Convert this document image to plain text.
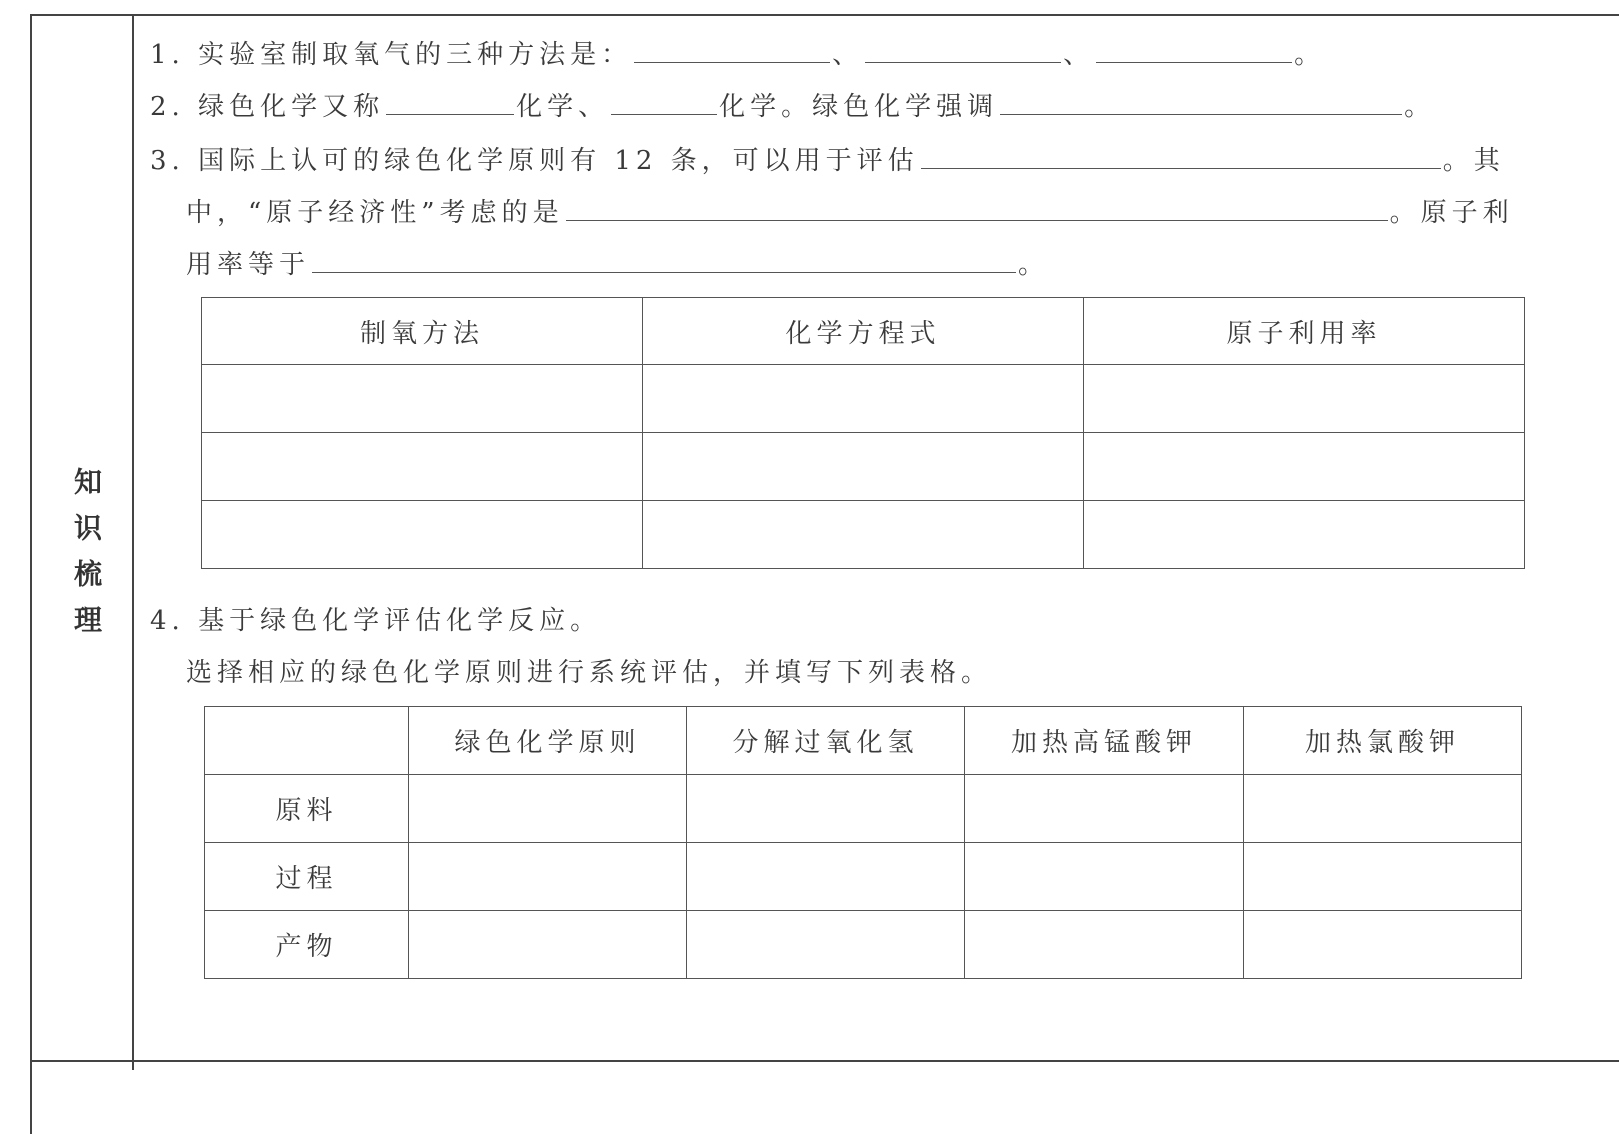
知识梳理
1. 实验室制取氧气的三种方法是：	、	、	。
2. 绿色化学又称	化学、	化学。绿色化学强调	。
3. 国际上认可的绿色化学原则有 12 条，可以用于评估	。其
中，“原子经济性”考虑的是	。原子利
用率等于	。
制氧方法	化学方程式	原子利用率

4. 基于绿色化学评估化学反应。
选择相应的绿色化学原则进行系统评估，并填写下列表格。
	绿色化学原则	分解过氧化氢	加热高锰酸钾	加热氯酸钾
原料				
过程				
产物				
